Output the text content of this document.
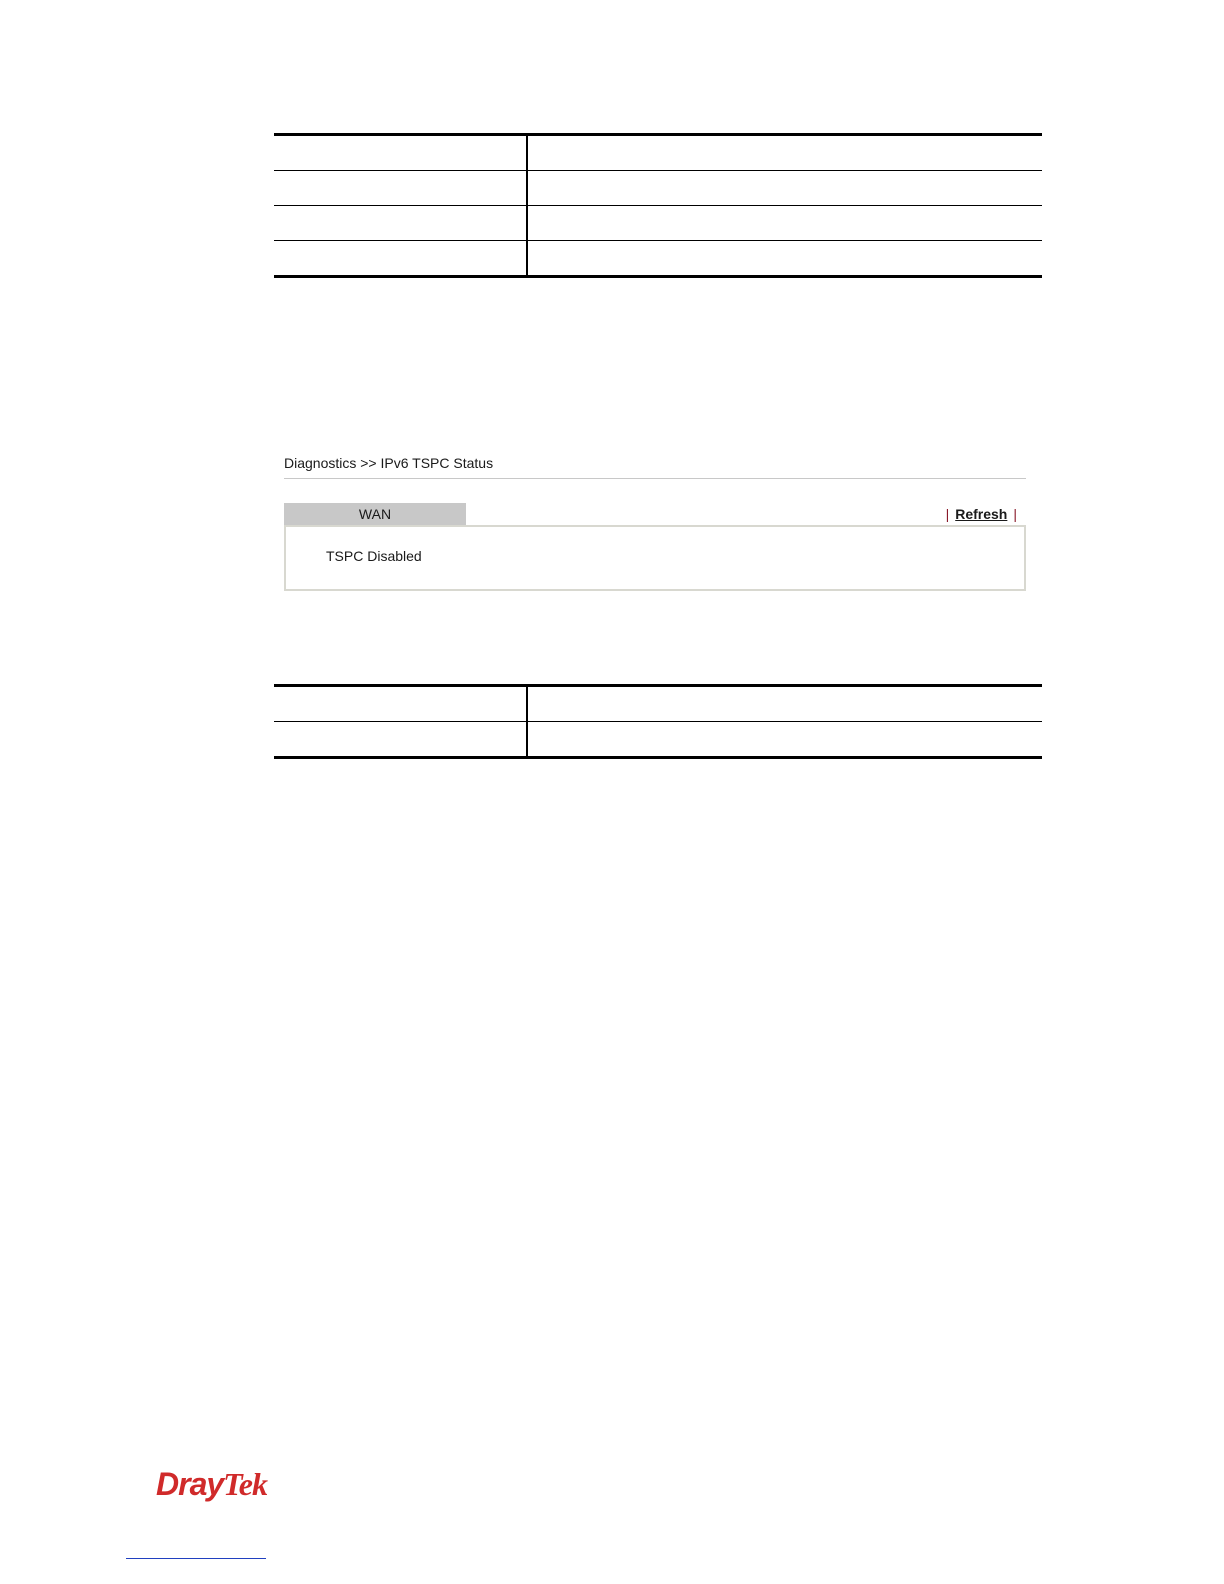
Diagnostics >> IPv6 TSPC Status
WAN	| Refresh |
TSPC Disabled

DrayTek
